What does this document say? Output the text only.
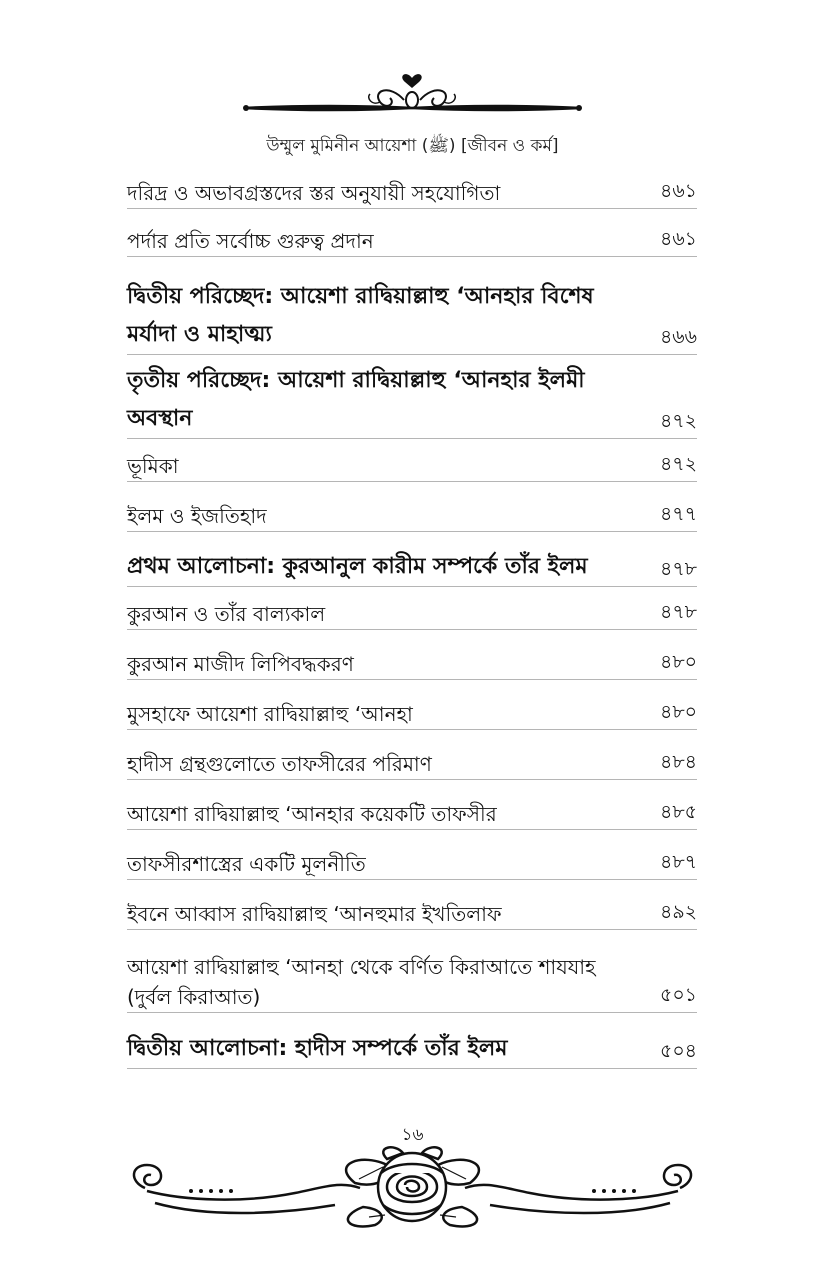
উম্মুল মুমিনীন আয়েশা (ﷺ) [জীবন ও কর্ম]
দরিদ্র ও অভাবগ্রস্তদের স্তর অনুযায়ী সহযোগিতা	৪৬১
পর্দার প্রতি সর্বোচ্চ গুরুত্ব প্রদান	৪৬১
দ্বিতীয় পরিচ্ছেদ: আয়েশা রাদ্বিয়াল্লাহু ‘আনহার বিশেষ মর্যাদা ও মাহাত্ম্য	৪৬৬
তৃতীয় পরিচ্ছেদ: আয়েশা রাদ্বিয়াল্লাহু ‘আনহার ইলমী অবস্থান	৪৭২
ভূমিকা	৪৭২
ইলম ও ইজতিহাদ	৪৭৭
প্রথম আলোচনা: কুরআনুল কারীম সম্পর্কে তাঁর ইলম	৪৭৮
কুরআন ও তাঁর বাল্যকাল	৪৭৮
কুরআন মাজীদ লিপিবদ্ধকরণ	৪৮০
মুসহাফে আয়েশা রাদ্বিয়াল্লাহু ‘আনহা	৪৮০
হাদীস গ্রন্থগুলোতে তাফসীরের পরিমাণ	৪৮৪
আয়েশা রাদ্বিয়াল্লাহু ‘আনহার কয়েকটি তাফসীর	৪৮৫
তাফসীরশাস্ত্রের একটি মূলনীতি	৪৮৭
ইবনে আব্বাস রাদ্বিয়াল্লাহু ‘আনহুমার ইখতিলাফ	৪৯২
আয়েশা রাদ্বিয়াল্লাহু ‘আনহা থেকে বর্ণিত কিরাআতে শাযযাহ (দুর্বল কিরাআত)	৫০১
দ্বিতীয় আলোচনা: হাদীস সম্পর্কে তাঁর ইলম	৫০৪
১৬
